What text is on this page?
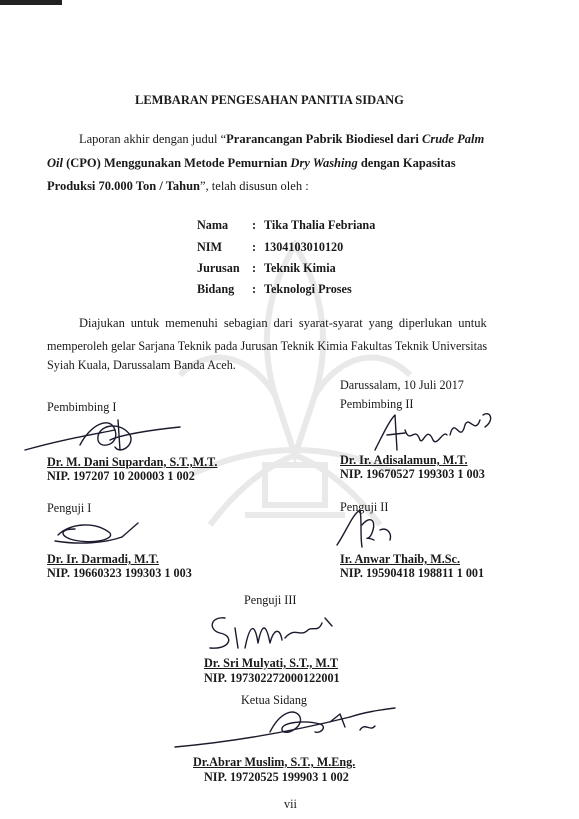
LEMBARAN PENGESAHAN PANITIA SIDANG
Laporan akhir dengan judul “Prarancangan Pabrik Biodiesel dari Crude Palm
Oil (CPO) Menggunakan Metode Pemurnian Dry Washing dengan Kapasitas
Produksi 70.000 Ton / Tahun”, telah disusun oleh :
Nama	: Tika Thalia Febriana
NIM	: 1304103010120
Jurusan	: Teknik Kimia
Bidang	: Teknologi Proses
Diajukan untuk memenuhi sebagian dari syarat-syarat yang diperlukan untuk
memperoleh gelar Sarjana Teknik pada Jurusan Teknik Kimia Fakultas Teknik Universitas
Syiah Kuala, Darussalam Banda Aceh.
Darussalam, 10 Juli 2017
Pembimbing I
Dr. M. Dani Supardan, S.T.,M.T.
NIP. 197207 10 200003 1 002
Pembimbing II
Dr. Ir. Adisalamun, M.T.
NIP. 19670527 199303 1 003
Penguji I
Dr. Ir. Darmadi, M.T.
NIP. 19660323 199303 1 003
Penguji II
Ir. Anwar Thaib, M.Sc.
NIP. 19590418 198811 1 001
Penguji III
Dr. Sri Mulyati, S.T., M.T
NIP. 197302272000122001
Ketua Sidang
Dr.Abrar Muslim, S.T., M.Eng.
NIP. 19720525 199903 1 002
vii
